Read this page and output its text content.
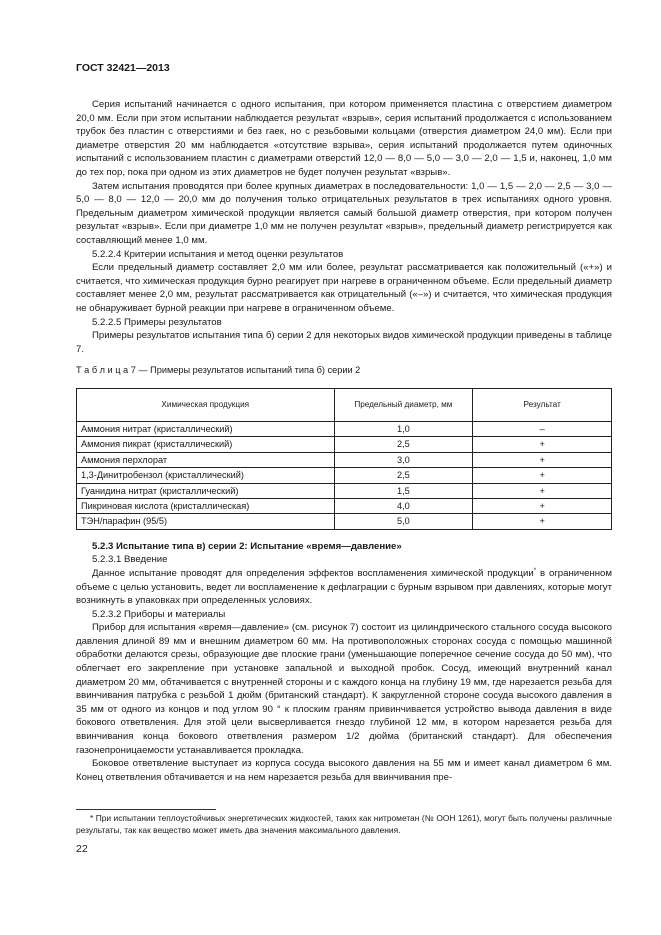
ГОСТ 32421—2013

Серия испытаний начинается с одного испытания, при котором применяется пластина с отверстием диаметром 20,0 мм. Если при этом испытании наблюдается результат «взрыв», серия испытаний продолжается с использованием трубок без пластин с отверстиями и без гаек, но с резьбовыми кольцами (отверстия диаметром 24,0 мм). Если при диаметре отверстия 20 мм наблюдается «отсутствие взрыва», серия испытаний продолжается путем одиночных испытаний с использованием пластин с диаметрами отверстий 12,0 — 8,0 — 5,0 — 3,0 — 2,0 — 1,5 и, наконец, 1,0 мм до тех пор, пока при одном из этих диаметров не будет получен результат «взрыв».

Затем испытания проводятся при более крупных диаметрах в последовательности: 1,0 — 1,5 — 2,0 — 2,5 — 3,0 — 5,0 — 8,0 — 12,0 — 20,0 мм до получения только отрицательных результатов в трех испытаниях одного уровня. Предельным диаметром химической продукции является самый большой диаметр отверстия, при котором получен результат «взрыв». Если при диаметре 1,0 мм не получен результат «взрыв», предельный диаметр регистрируется как составляющий менее 1,0 мм.

5.2.2.4 Критерии испытания и метод оценки результатов

Если предельный диаметр составляет 2,0 мм или более, результат рассматривается как положительный («+») и считается, что химическая продукция бурно реагирует при нагреве в ограниченном объеме. Если предельный диаметр составляет менее 2,0 мм, результат рассматривается как отрицательный («–») и считается, что химическая продукция не обнаруживает бурной реакции при нагреве в ограниченном объеме.

5.2.2.5 Примеры результатов

Примеры результатов испытания типа б) серии 2 для некоторых видов химической продукции приведены в таблице 7.

Т а б л и ц а 7 — Примеры результатов испытаний типа б) серии 2

Химическая продукция	Предельный диаметр, мм	Результат
Аммония нитрат (кристаллический)	1,0	–
Аммония пикрат (кристаллический)	2,5	+
Аммония перхлорат	3,0	+
1,3-Динитробензол (кристаллический)	2,5	+
Гуанидина нитрат (кристаллический)	1,5	+
Пикриновая кислота (кристаллическая)	4,0	+
ТЭН/парафин (95/5)	5,0	+

5.2.3 Испытание типа в) серии 2: Испытание «время—давление»

5.2.3.1 Введение

Данное испытание проводят для определения эффектов воспламенения химической продукции* в ограниченном объеме с целью установить, ведет ли воспламенение к дефлаграции с бурным взрывом при давлениях, которые могут возникнуть в упаковках при определенных условиях.

5.2.3.2 Приборы и материалы

Прибор для испытания «время—давление» (см. рисунок 7) состоит из цилиндрического стального сосуда высокого давления длиной 89 мм и внешним диаметром 60 мм. На противоположных сторонах сосуда с помощью машинной обработки делаются срезы, образующие две плоские грани (уменьшающие поперечное сечение сосуда до 50 мм), что облегчает его закрепление при установке запальной и выходной пробок. Сосуд, имеющий внутренний канал диаметром 20 мм, обтачивается с внутренней стороны и с каждого конца на глубину 19 мм, где нарезается резьба для ввинчивания патрубка с резьбой 1 дюйм (британский стандарт). К закругленной стороне сосуда высокого давления в 35 мм от одного из концов и под углом 90 ° к плоским граням привинчивается устройство вывода давления в виде бокового ответвления. Для этой цели высверливается гнездо глубиной 12 мм, в котором нарезается резьба для ввинчивания конца бокового ответвления размером 1/2 дюйма (британский стандарт). Для обеспечения газонепроницаемости устанавливается прокладка.

Боковое ответвление выступает из корпуса сосуда высокого давления на 55 мм и имеет канал диаметром 6 мм. Конец ответвления обтачивается и на нем нарезается резьба для ввинчивания пре-

* При испытании теплоустойчивых энергетических жидкостей, таких как нитрометан (№ ООН 1261), могут быть получены различные результаты, так как вещество может иметь два значения максимального давления.

22
